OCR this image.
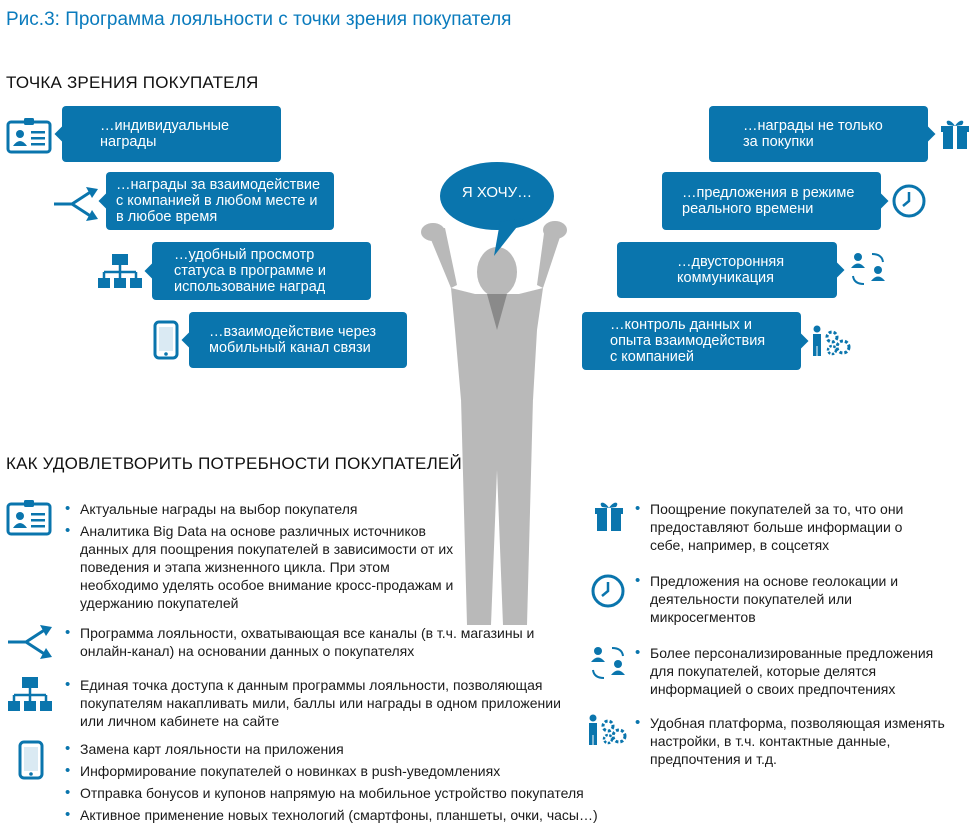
Рис.3: Программа лояльности с точки зрения покупателя
ТОЧКА ЗРЕНИЯ ПОКУПАТЕЛЯ
КАК УДОВЛЕТВОРИТЬ ПОТРЕБНОСТИ ПОКУПАТЕЛЕЙ
Я ХОЧУ…
…индивидуальные
награды
…награды за взаимодействие
с компанией в любом месте и
в любое время
…удобный просмотр
статуса в программе и
использование наград
…взаимодействие через
мобильный канал связи
…награды не только
за покупки
…предложения в режиме
реального времени
…двусторонняя
коммуникация
…контроль данных и
опыта взаимодействия
с компанией
• Актуальные награды на выбор покупателя
• Аналитика Big Data на основе различных источников данных для поощрения покупателей в зависимости от их поведения и этапа жизненного цикла. При этом необходимо уделять особое внимание кросс-продажам и удержанию покупателей
• Программа лояльности, охватывающая все каналы (в т.ч. магазины и онлайн-канал) на основании данных о покупателях
• Единая точка доступа к данным программы лояльности, позволяющая покупателям накапливать мили, баллы или награды в одном приложении или личном кабинете на сайте
• Замена карт лояльности на приложения
• Информирование покупателей о новинках в push-уведомлениях
• Отправка бонусов и купонов напрямую на мобильное устройство покупателя
• Активное применение новых технологий (смартфоны, планшеты, очки, часы…)
• Поощрение покупателей за то, что они предоставляют больше информации о себе, например, в соцсетях
• Предложения на основе геолокации и деятельности покупателей или микросегментов
• Более персонализированные предложения для покупателей, которые делятся информацией о своих предпочтениях
• Удобная платформа, позволяющая изменять настройки, в т.ч. контактные данные, предпочтения и т.д.
